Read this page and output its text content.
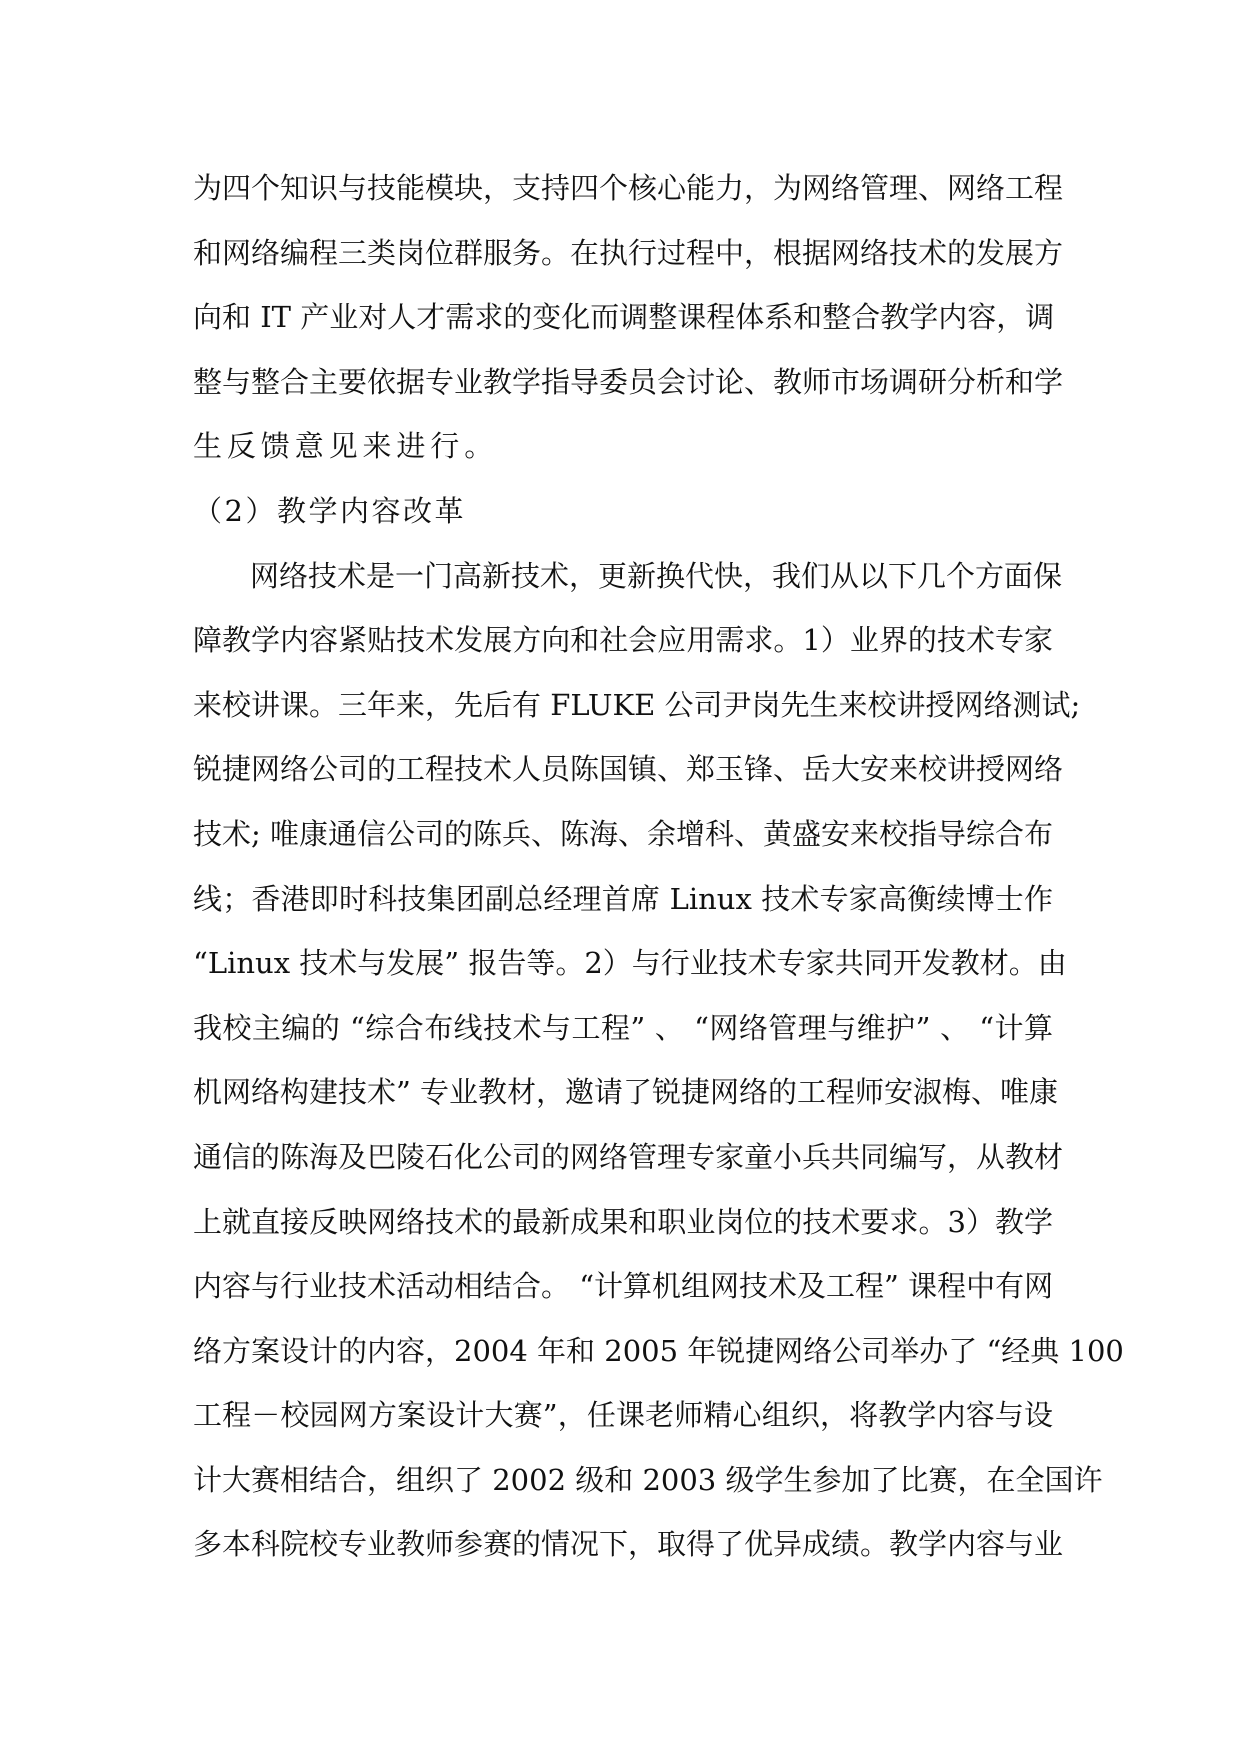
为四个知识与技能模块，支持四个核心能力，为网络管理、网络工程
和网络编程三类岗位群服务。在执行过程中，根据网络技术的发展方
向和 IT 产业对人才需求的变化而调整课程体系和整合教学内容，调
整与整合主要依据专业教学指导委员会讨论、教师市场调研分析和学
生反馈意见来进行。
（2）教学内容改革
网络技术是一门高新技术，更新换代快，我们从以下几个方面保
障教学内容紧贴技术发展方向和社会应用需求。1）业界的技术专家
来校讲课。三年来，先后有 FLUKE 公司尹岗先生来校讲授网络测试;
锐捷网络公司的工程技术人员陈国镇、郑玉锋、岳大安来校讲授网络
技术; 唯康通信公司的陈兵、陈海、余增科、黄盛安来校指导综合布
线；香港即时科技集团副总经理首席 Linux 技术专家高衡续博士作
“Linux 技术与发展” 报告等。2）与行业技术专家共同开发教材。由
我校主编的 “综合布线技术与工程” 、 “网络管理与维护” 、 “计算
机网络构建技术” 专业教材，邀请了锐捷网络的工程师安淑梅、唯康
通信的陈海及巴陵石化公司的网络管理专家童小兵共同编写，从教材
上就直接反映网络技术的最新成果和职业岗位的技术要求。3）教学
内容与行业技术活动相结合。 “计算机组网技术及工程” 课程中有网
络方案设计的内容，2004 年和 2005 年锐捷网络公司举办了 “经典 100
工程－校园网方案设计大赛”，任课老师精心组织，将教学内容与设
计大赛相结合，组织了 2002 级和 2003 级学生参加了比赛，在全国许
多本科院校专业教师参赛的情况下，取得了优异成绩。教学内容与业
